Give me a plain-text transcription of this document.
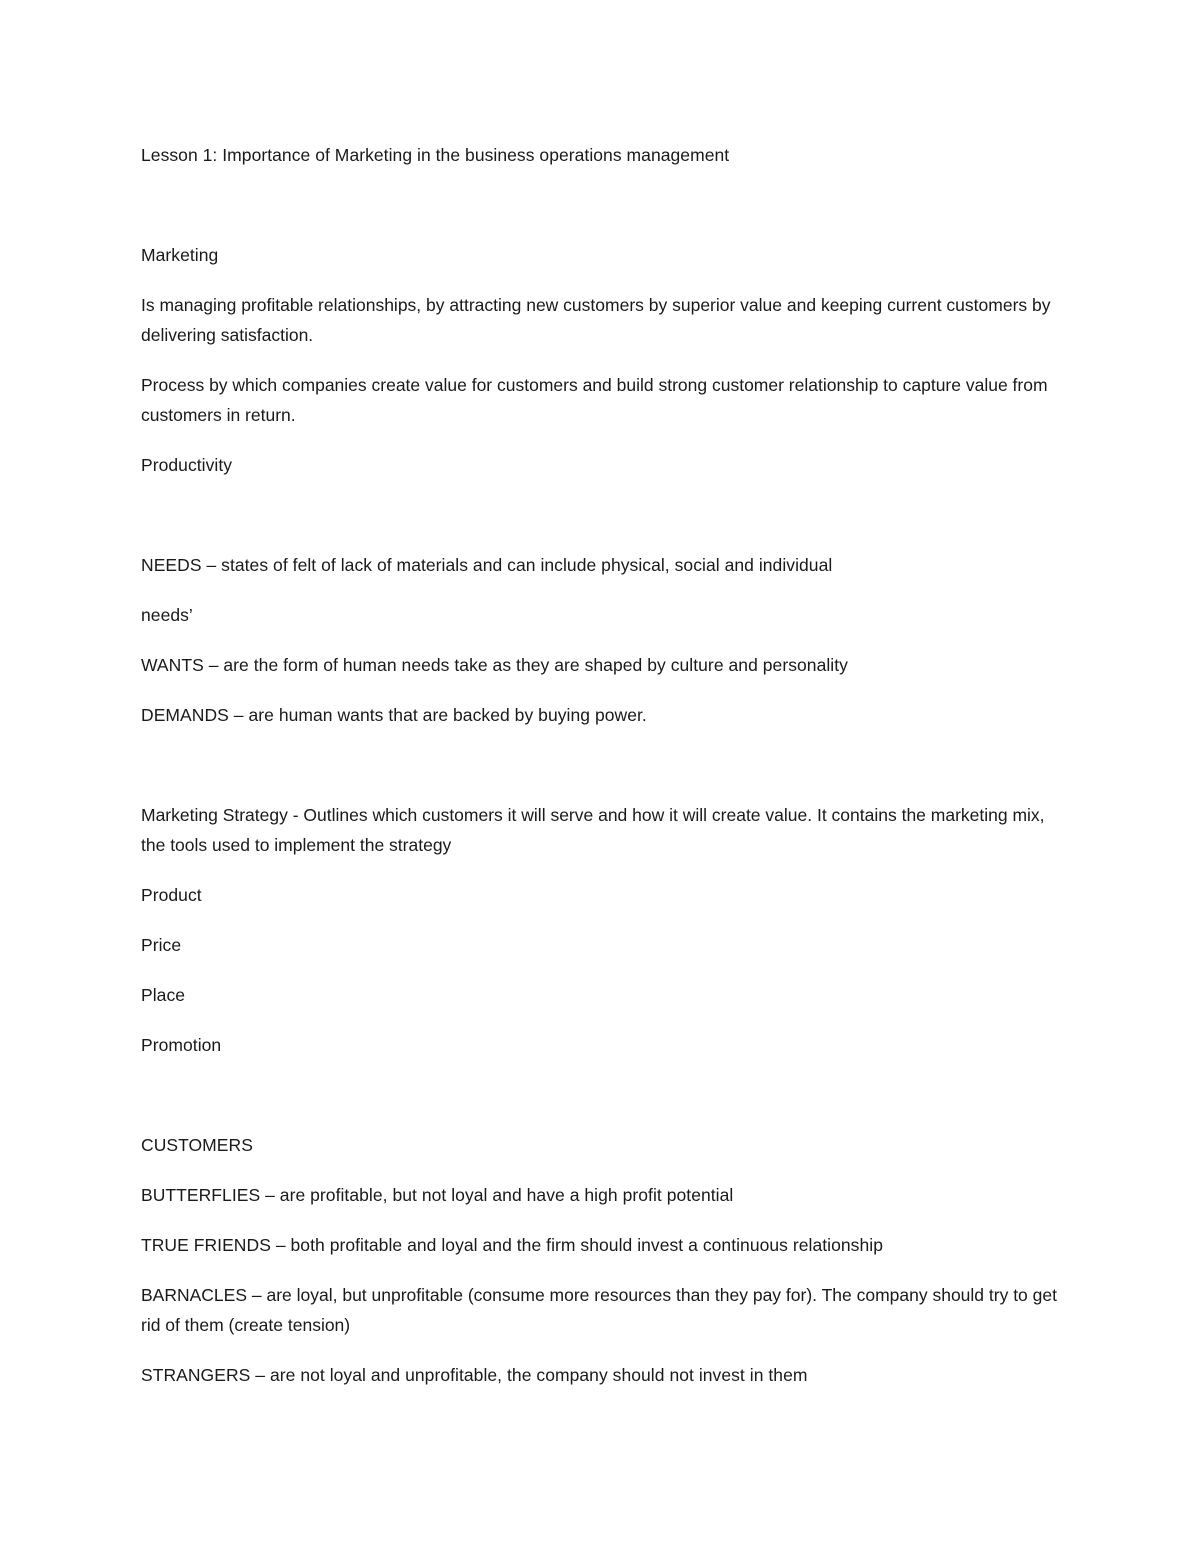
Lesson 1: Importance of Marketing in the business operations management

Marketing

Is managing profitable relationships, by attracting new customers by superior value and keeping current customers by delivering satisfaction.

Process by which companies create value for customers and build strong customer relationship to capture value from customers in return.

Productivity

NEEDS – states of felt of lack of materials and can include physical, social and individual

needs’

WANTS – are the form of human needs take as they are shaped by culture and personality

DEMANDS – are human wants that are backed by buying power.

Marketing Strategy - Outlines which customers it will serve and how it will create value. It contains the marketing mix, the tools used to implement the strategy

Product

Price

Place

Promotion

CUSTOMERS

BUTTERFLIES – are profitable, but not loyal and have a high profit potential

TRUE FRIENDS – both profitable and loyal and the firm should invest a continuous relationship

BARNACLES – are loyal, but unprofitable (consume more resources than they pay for). The company should try to get rid of them (create tension)

STRANGERS – are not loyal and unprofitable, the company should not invest in them
